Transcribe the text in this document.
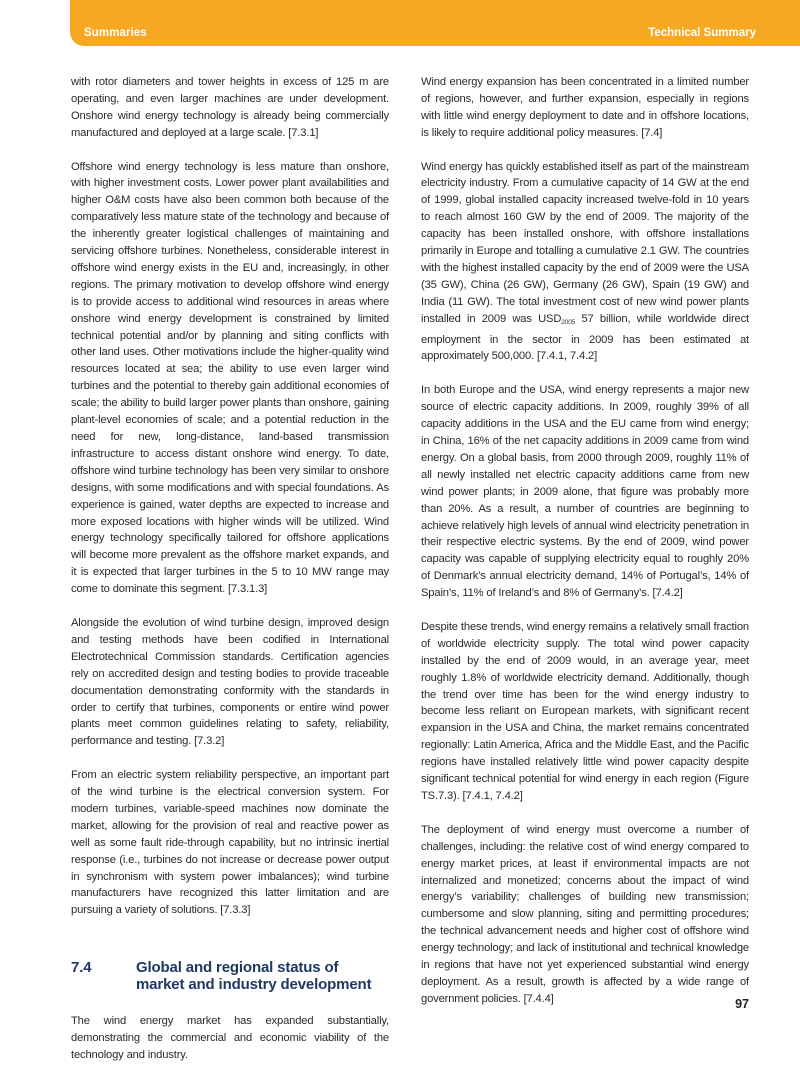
Summaries	Technical Summary

with rotor diameters and tower heights in excess of 125 m are operating, and even larger machines are under development. Onshore wind energy technology is already being commercially manufactured and deployed at a large scale. [7.3.1]

Offshore wind energy technology is less mature than onshore, with higher investment costs. Lower power plant availabilities and higher O&M costs have also been common both because of the comparatively less mature state of the technology and because of the inherently greater logistical challenges of maintaining and servicing offshore turbines. Nonetheless, considerable interest in offshore wind energy exists in the EU and, increasingly, in other regions. The primary motivation to develop offshore wind energy is to provide access to additional wind resources in areas where onshore wind energy development is constrained by limited technical potential and/or by planning and siting conflicts with other land uses. Other motivations include the higher-quality wind resources located at sea; the ability to use even larger wind turbines and the potential to thereby gain additional economies of scale; the ability to build larger power plants than onshore, gaining plant-level economies of scale; and a potential reduction in the need for new, long-distance, land-based transmission infrastructure to access distant onshore wind energy. To date, offshore wind turbine technology has been very similar to onshore designs, with some modifications and with special foundations. As experience is gained, water depths are expected to increase and more exposed locations with higher winds will be utilized. Wind energy technology specifically tailored for offshore applications will become more prevalent as the offshore market expands, and it is expected that larger turbines in the 5 to 10 MW range may come to dominate this segment. [7.3.1.3]

Alongside the evolution of wind turbine design, improved design and testing methods have been codified in International Electrotechnical Commission standards. Certification agencies rely on accredited design and testing bodies to provide traceable documentation demonstrating conformity with the standards in order to certify that turbines, components or entire wind power plants meet common guidelines relating to safety, reliability, performance and testing. [7.3.2]

From an electric system reliability perspective, an important part of the wind turbine is the electrical conversion system. For modern turbines, variable-speed machines now dominate the market, allowing for the provision of real and reactive power as well as some fault ride-through capability, but no intrinsic inertial response (i.e., turbines do not increase or decrease power output in synchronism with system power imbalances); wind turbine manufacturers have recognized this latter limitation and are pursuing a variety of solutions. [7.3.3]

7.4	Global and regional status of market and industry development

The wind energy market has expanded substantially, demonstrating the commercial and economic viability of the technology and industry.

Wind energy expansion has been concentrated in a limited number of regions, however, and further expansion, especially in regions with little wind energy deployment to date and in offshore locations, is likely to require additional policy measures. [7.4]

Wind energy has quickly established itself as part of the mainstream electricity industry. From a cumulative capacity of 14 GW at the end of 1999, global installed capacity increased twelve-fold in 10 years to reach almost 160 GW by the end of 2009. The majority of the capacity has been installed onshore, with offshore installations primarily in Europe and totalling a cumulative 2.1 GW. The countries with the highest installed capacity by the end of 2009 were the USA (35 GW), China (26 GW), Germany (26 GW), Spain (19 GW) and India (11 GW). The total investment cost of new wind power plants installed in 2009 was $USD_{2005}$ 57 billion, while worldwide direct employment in the sector in 2009 has been estimated at approximately 500,000. [7.4.1, 7.4.2]

In both Europe and the USA, wind energy represents a major new source of electric capacity additions. In 2009, roughly 39% of all capacity additions in the USA and the EU came from wind energy; in China, 16% of the net capacity additions in 2009 came from wind energy. On a global basis, from 2000 through 2009, roughly 11% of all newly installed net electric capacity additions came from new wind power plants; in 2009 alone, that figure was probably more than 20%. As a result, a number of countries are beginning to achieve relatively high levels of annual wind electricity penetration in their respective electric systems. By the end of 2009, wind power capacity was capable of supplying electricity equal to roughly 20% of Denmark’s annual electricity demand, 14% of Portugal’s, 14% of Spain’s, 11% of Ireland’s and 8% of Germany’s. [7.4.2]

Despite these trends, wind energy remains a relatively small fraction of worldwide electricity supply. The total wind power capacity installed by the end of 2009 would, in an average year, meet roughly 1.8% of worldwide electricity demand. Additionally, though the trend over time has been for the wind energy industry to become less reliant on European markets, with significant recent expansion in the USA and China, the market remains concentrated regionally: Latin America, Africa and the Middle East, and the Pacific regions have installed relatively little wind power capacity despite significant technical potential for wind energy in each region (Figure TS.7.3). [7.4.1, 7.4.2]

The deployment of wind energy must overcome a number of challenges, including: the relative cost of wind energy compared to energy market prices, at least if environmental impacts are not internalized and monetized; concerns about the impact of wind energy’s variability; challenges of building new transmission; cumbersome and slow planning, siting and permitting procedures; the technical advancement needs and higher cost of offshore wind energy technology; and lack of institutional and technical knowledge in regions that have not yet experienced substantial wind energy deployment. As a result, growth is affected by a wide range of government policies. [7.4.4]	97
